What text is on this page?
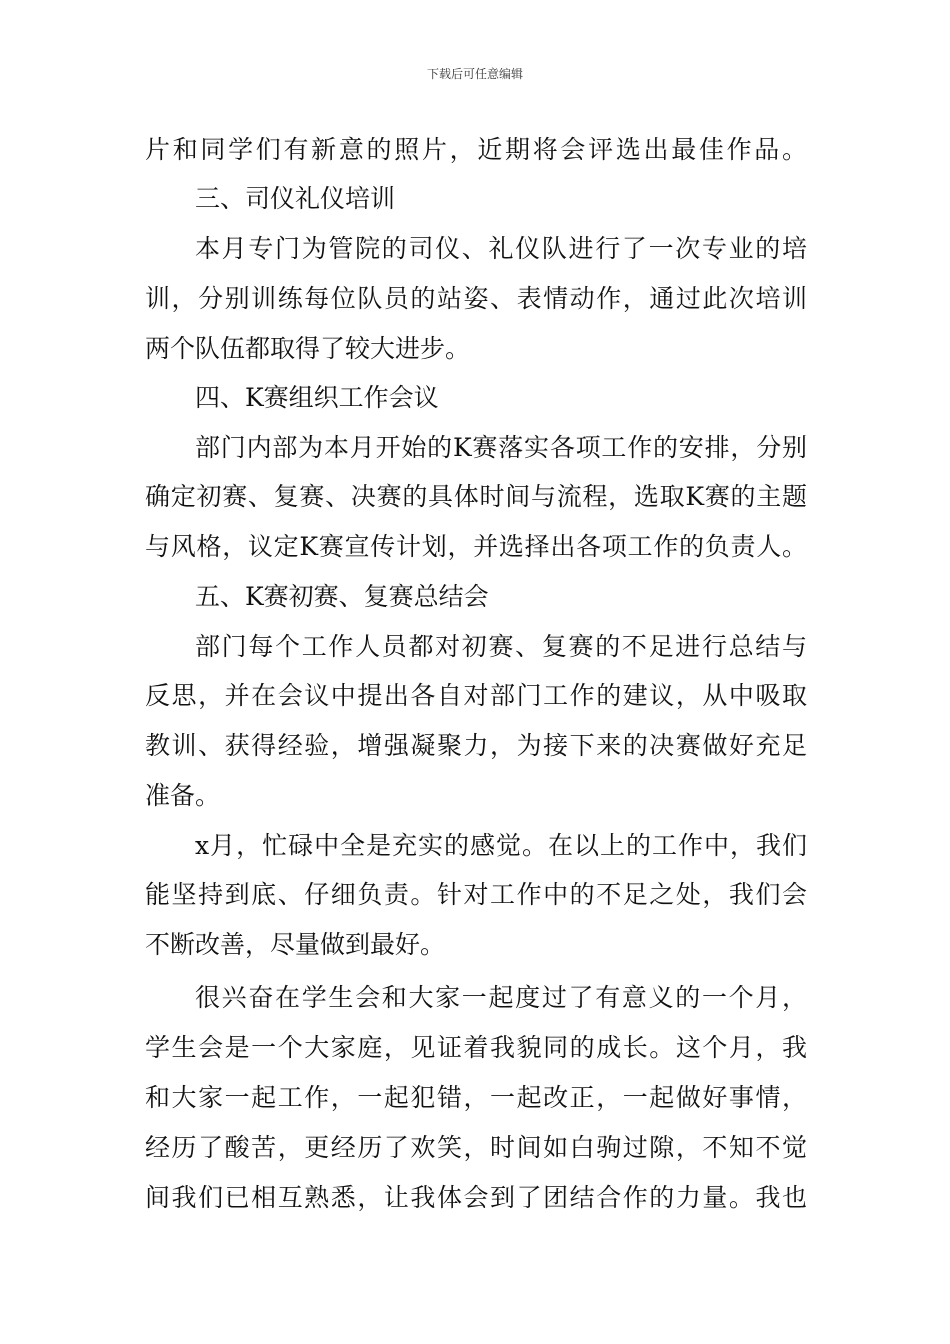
下载后可任意编辑

片和同学们有新意的照片，近期将会评选出最佳作品。

三、司仪礼仪培训

本月专门为管院的司仪、礼仪队进行了一次专业的培

训，分别训练每位队员的站姿、表情动作，通过此次培训

两个队伍都取得了较大进步。

四、K赛组织工作会议

部门内部为本月开始的K赛落实各项工作的安排，分别

确定初赛、复赛、决赛的具体时间与流程，选取K赛的主题

与风格，议定K赛宣传计划，并选择出各项工作的负责人。

五、K赛初赛、复赛总结会

部门每个工作人员都对初赛、复赛的不足进行总结与

反思，并在会议中提出各自对部门工作的建议，从中吸取

教训、获得经验，增强凝聚力，为接下来的决赛做好充足

准备。

x月，忙碌中全是充实的感觉。在以上的工作中，我们

能坚持到底、仔细负责。针对工作中的不足之处，我们会

不断改善，尽量做到最好。

很兴奋在学生会和大家一起度过了有意义的一个月，

学生会是一个大家庭，见证着我貌同的成长。这个月，我

和大家一起工作，一起犯错，一起改正，一起做好事情，

经历了酸苦，更经历了欢笑，时间如白驹过隙，不知不觉

间我们已相互熟悉，让我体会到了团结合作的力量。我也
